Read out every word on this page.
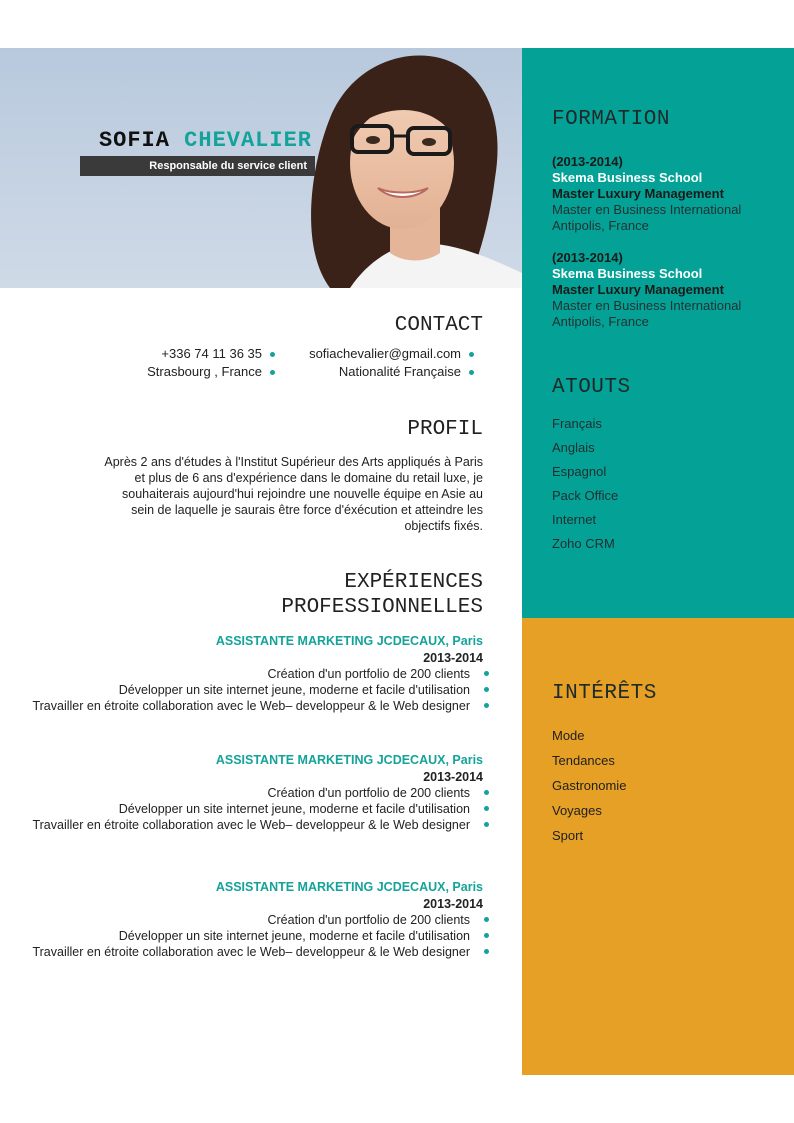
SOFIA CHEVALIER
Responsable du service client
FORMATION
(2013-2014)
Skema Business School
Master Luxury Management
Master en Business International
Antipolis, France
(2013-2014)
Skema Business School
Master Luxury Management
Master en Business International
Antipolis, France
ATOUTS
Français
Anglais
Espagnol
Pack Office
Internet
Zoho CRM
INTÉRÊTS
Mode
Tendances
Gastronomie
Voyages
Sport
CONTACT
+336 74 11 36 35	sofiachevalier@gmail.com
Strasbourg , France	Nationalité Française
PROFIL
Après 2 ans d'études à l'Institut Supérieur des Arts appliqués à Paris et plus de 6 ans d'expérience dans le domaine du retail luxe, je souhaiterais aujourd'hui rejoindre une nouvelle équipe en Asie au sein de laquelle je saurais être force d'éxécution et atteindre les objectifs fixés.
EXPÉRIENCES
PROFESSIONNELLES
ASSISTANTE MARKETING JCDECAUX, Paris
2013-2014
Création d'un portfolio de 200 clients
Développer un site internet jeune, moderne et facile d'utilisation
Travailler en étroite collaboration avec le Web– developpeur & le Web designer
ASSISTANTE MARKETING JCDECAUX, Paris
2013-2014
Création d'un portfolio de 200 clients
Développer un site internet jeune, moderne et facile d'utilisation
Travailler en étroite collaboration avec le Web– developpeur & le Web designer
ASSISTANTE MARKETING JCDECAUX, Paris
2013-2014
Création d'un portfolio de 200 clients
Développer un site internet jeune, moderne et facile d'utilisation
Travailler en étroite collaboration avec le Web– developpeur & le Web designer
